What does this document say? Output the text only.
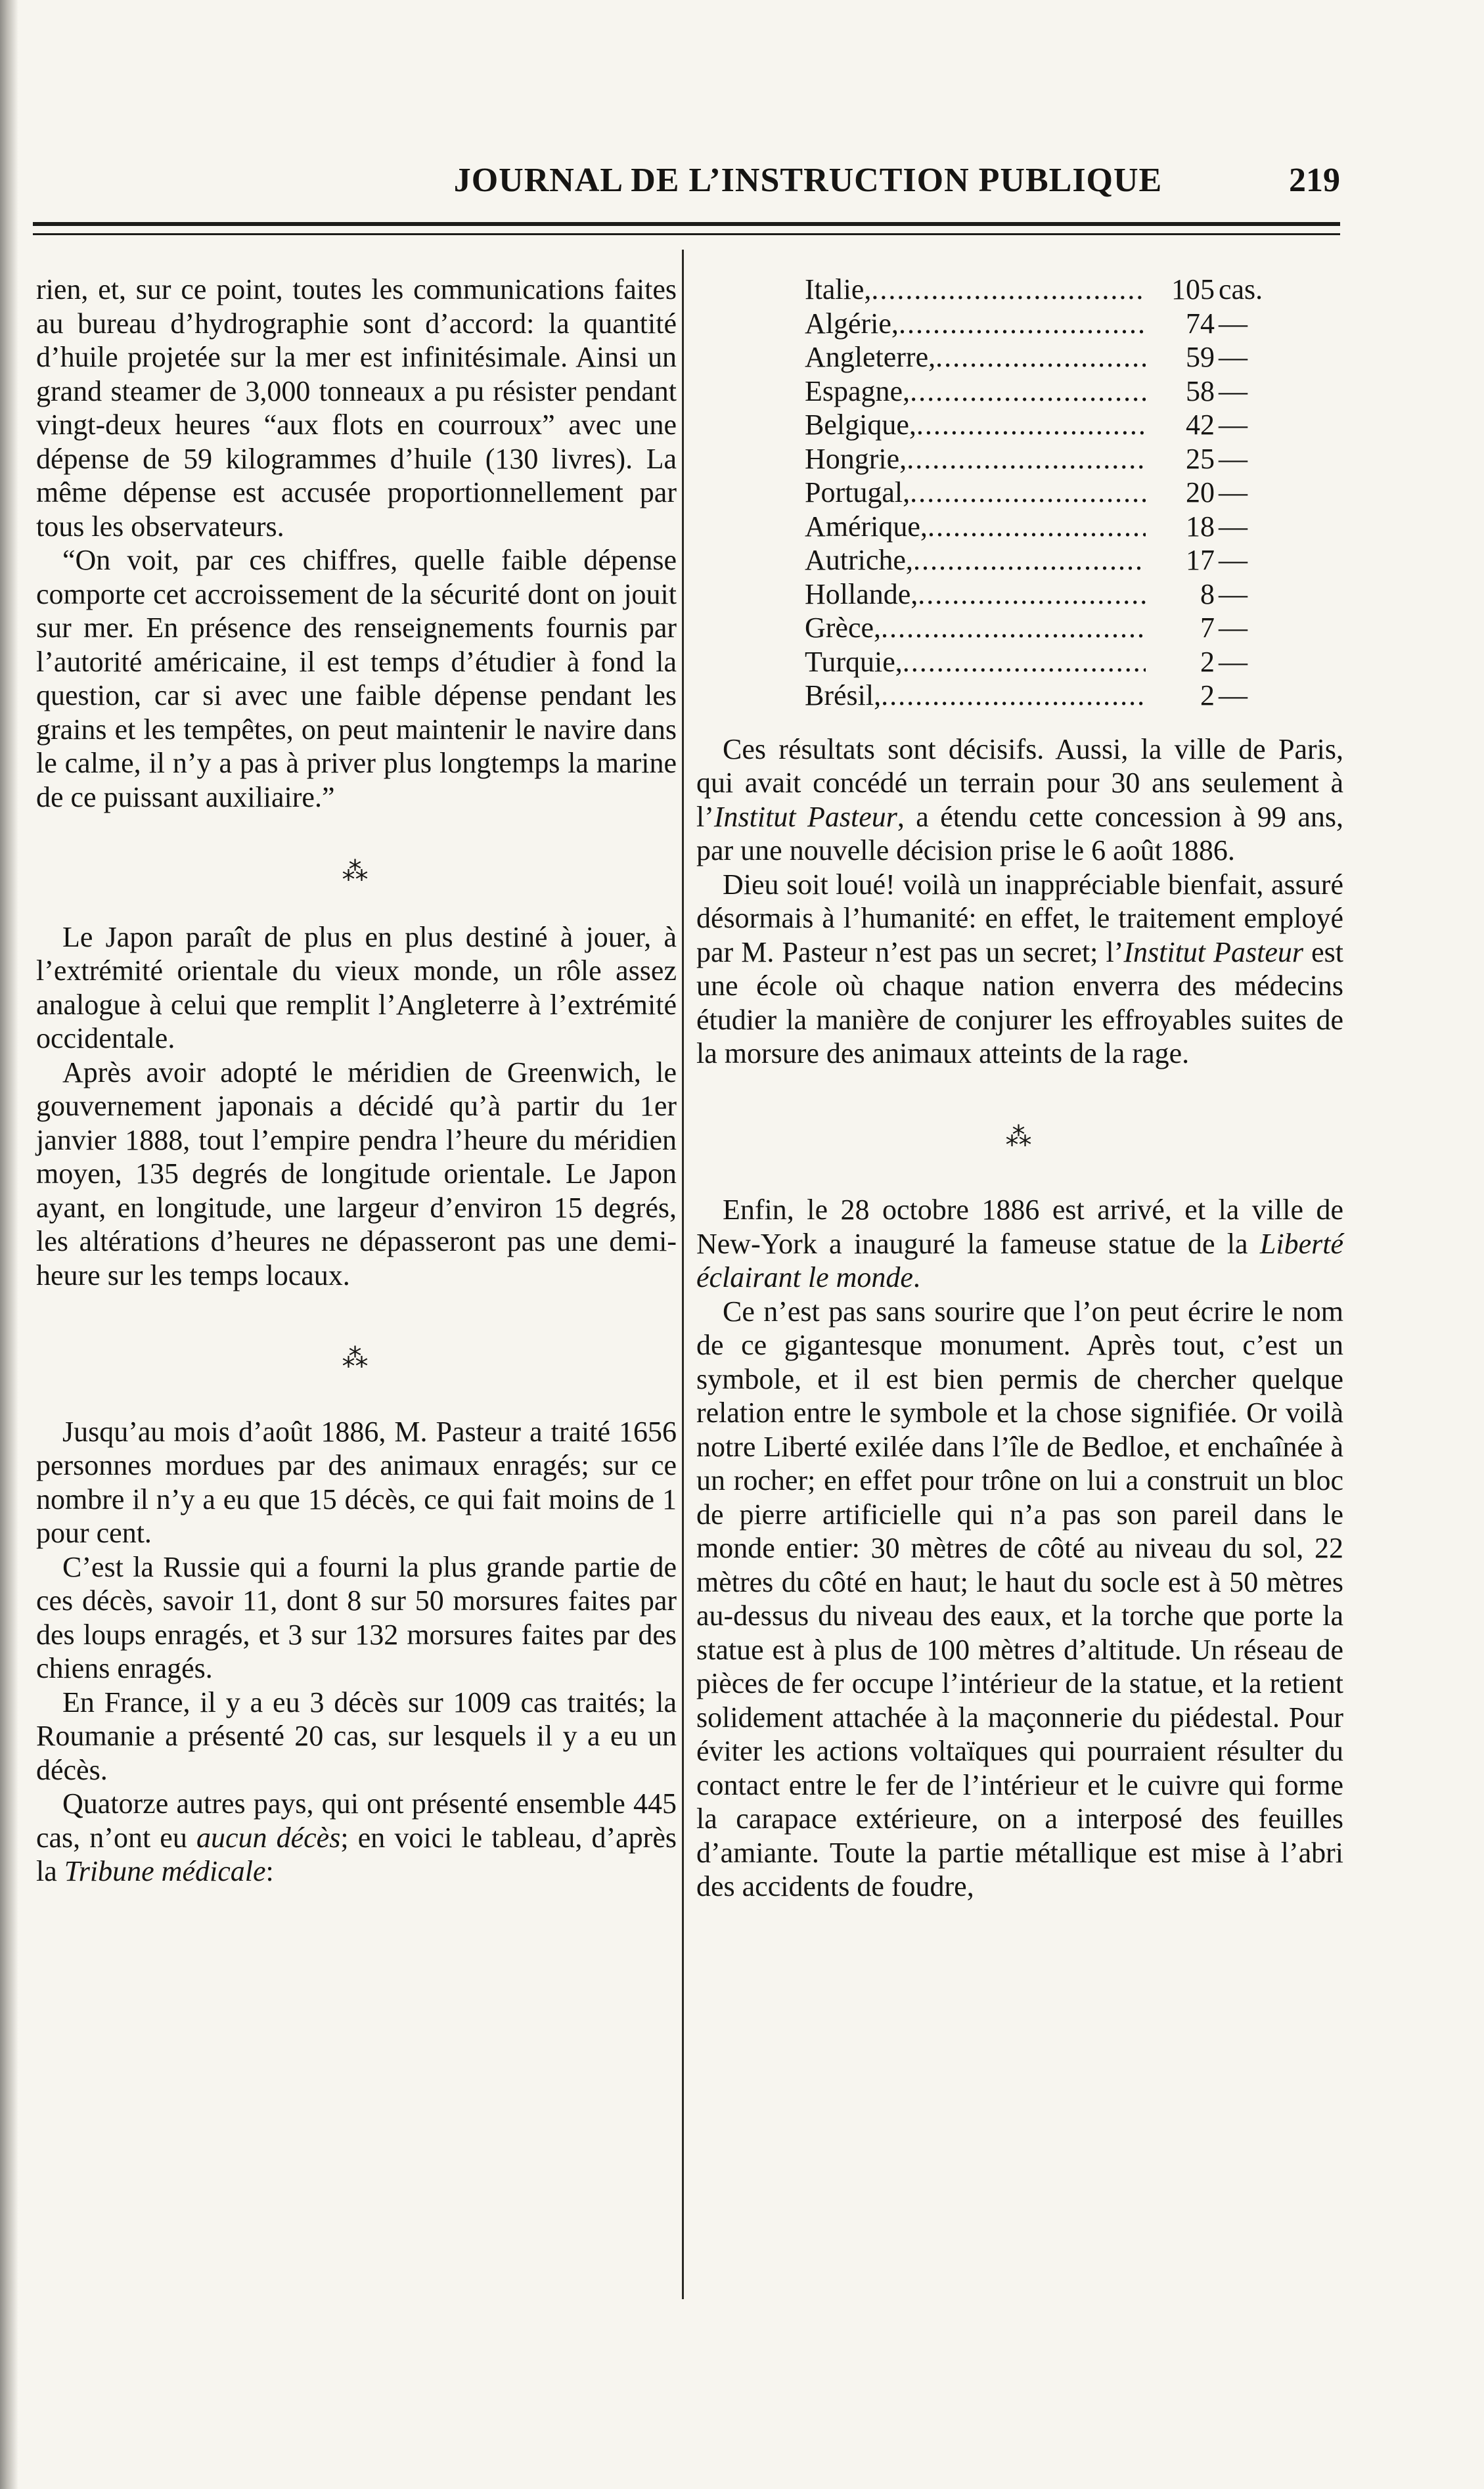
JOURNAL DE L’INSTRUCTION PUBLIQUE	219

rien, et, sur ce point, toutes les communications faites au bureau d’hydrographie sont d’accord: la quantité d’huile projetée sur la mer est infinitésimale. Ainsi un grand steamer de 3,000 tonneaux a pu résister pendant vingt-deux heures “aux flots en courroux” avec une dépense de 59 kilogrammes d’huile (130 livres). La même dépense est accusée proportionnellement par tous les observateurs.

“On voit, par ces chiffres, quelle faible dépense comporte cet accroissement de la sécurité dont on jouit sur mer. En présence des renseignements fournis par l’autorité américaine, il est temps d’étudier à fond la question, car si avec une faible dépense pendant les grains et les tempêtes, on peut maintenir le navire dans le calme, il n’y a pas à priver plus longtemps la marine de ce puissant auxiliaire.”

⁂

Le Japon paraît de plus en plus destiné à jouer, à l’extrémité orientale du vieux monde, un rôle assez analogue à celui que remplit l’Angleterre à l’extrémité occidentale.

Après avoir adopté le méridien de Greenwich, le gouvernement japonais a décidé qu’à partir du 1er janvier 1888, tout l’empire pendra l’heure du méridien moyen, 135 degrés de longitude orientale. Le Japon ayant, en longitude, une largeur d’environ 15 degrés, les altérations d’heures ne dépasseront pas une demi-heure sur les temps locaux.

⁂

Jusqu’au mois d’août 1886, M. Pasteur a traité 1656 personnes mordues par des animaux enragés; sur ce nombre il n’y a eu que 15 décès, ce qui fait moins de 1 pour cent.

C’est la Russie qui a fourni la plus grande partie de ces décès, savoir 11, dont 8 sur 50 morsures faites par des loups enragés, et 3 sur 132 morsures faites par des chiens enragés.

En France, il y a eu 3 décès sur 1009 cas traités; la Roumanie a présenté 20 cas, sur lesquels il y a eu un décès.

Quatorze autres pays, qui ont présenté ensemble 445 cas, n’ont eu aucun décès; en voici le tableau, d’après la Tribune médicale:

Italie, .....	105 cas.
Algérie, .....	74 —
Angleterre, .....	59 —
Espagne, .....	58 —
Belgique, .....	42 —
Hongrie, .....	25 —
Portugal, .....	20 —
Amérique, .....	18 —
Autriche, .....	17 —
Hollande, .....	8 —
Grèce, .....	7 —
Turquie, .....	2 —
Brésil, .....	2 —

Ces résultats sont décisifs. Aussi, la ville de Paris, qui avait concédé un terrain pour 30 ans seulement à l’Institut Pasteur, a étendu cette concession à 99 ans, par une nouvelle décision prise le 6 août 1886.

Dieu soit loué! voilà un inappréciable bienfait, assuré désormais à l’humanité: en effet, le traitement employé par M. Pasteur n’est pas un secret; l’Institut Pasteur est une école où chaque nation enverra des médecins étudier la manière de conjurer les effroyables suites de la morsure des animaux atteints de la rage.

⁂

Enfin, le 28 octobre 1886 est arrivé, et la ville de New-York a inauguré la fameuse statue de la Liberté éclairant le monde.

Ce n’est pas sans sourire que l’on peut écrire le nom de ce gigantesque monument. Après tout, c’est un symbole, et il est bien permis de chercher quelque relation entre le symbole et la chose signifiée. Or voilà notre Liberté exilée dans l’île de Bedloe, et enchaînée à un rocher; en effet pour trône on lui a construit un bloc de pierre artificielle qui n’a pas son pareil dans le monde entier: 30 mètres de côté au niveau du sol, 22 mètres du côté en haut; le haut du socle est à 50 mètres au-dessus du niveau des eaux, et la torche que porte la statue est à plus de 100 mètres d’altitude. Un réseau de pièces de fer occupe l’intérieur de la statue, et la retient solidement attachée à la maçonnerie du piédestal. Pour éviter les actions voltaïques qui pourraient résulter du contact entre le fer de l’intérieur et le cuivre qui forme la carapace extérieure, on a interposé des feuilles d’amiante. Toute la partie métallique est mise à l’abri des accidents de foudre,
